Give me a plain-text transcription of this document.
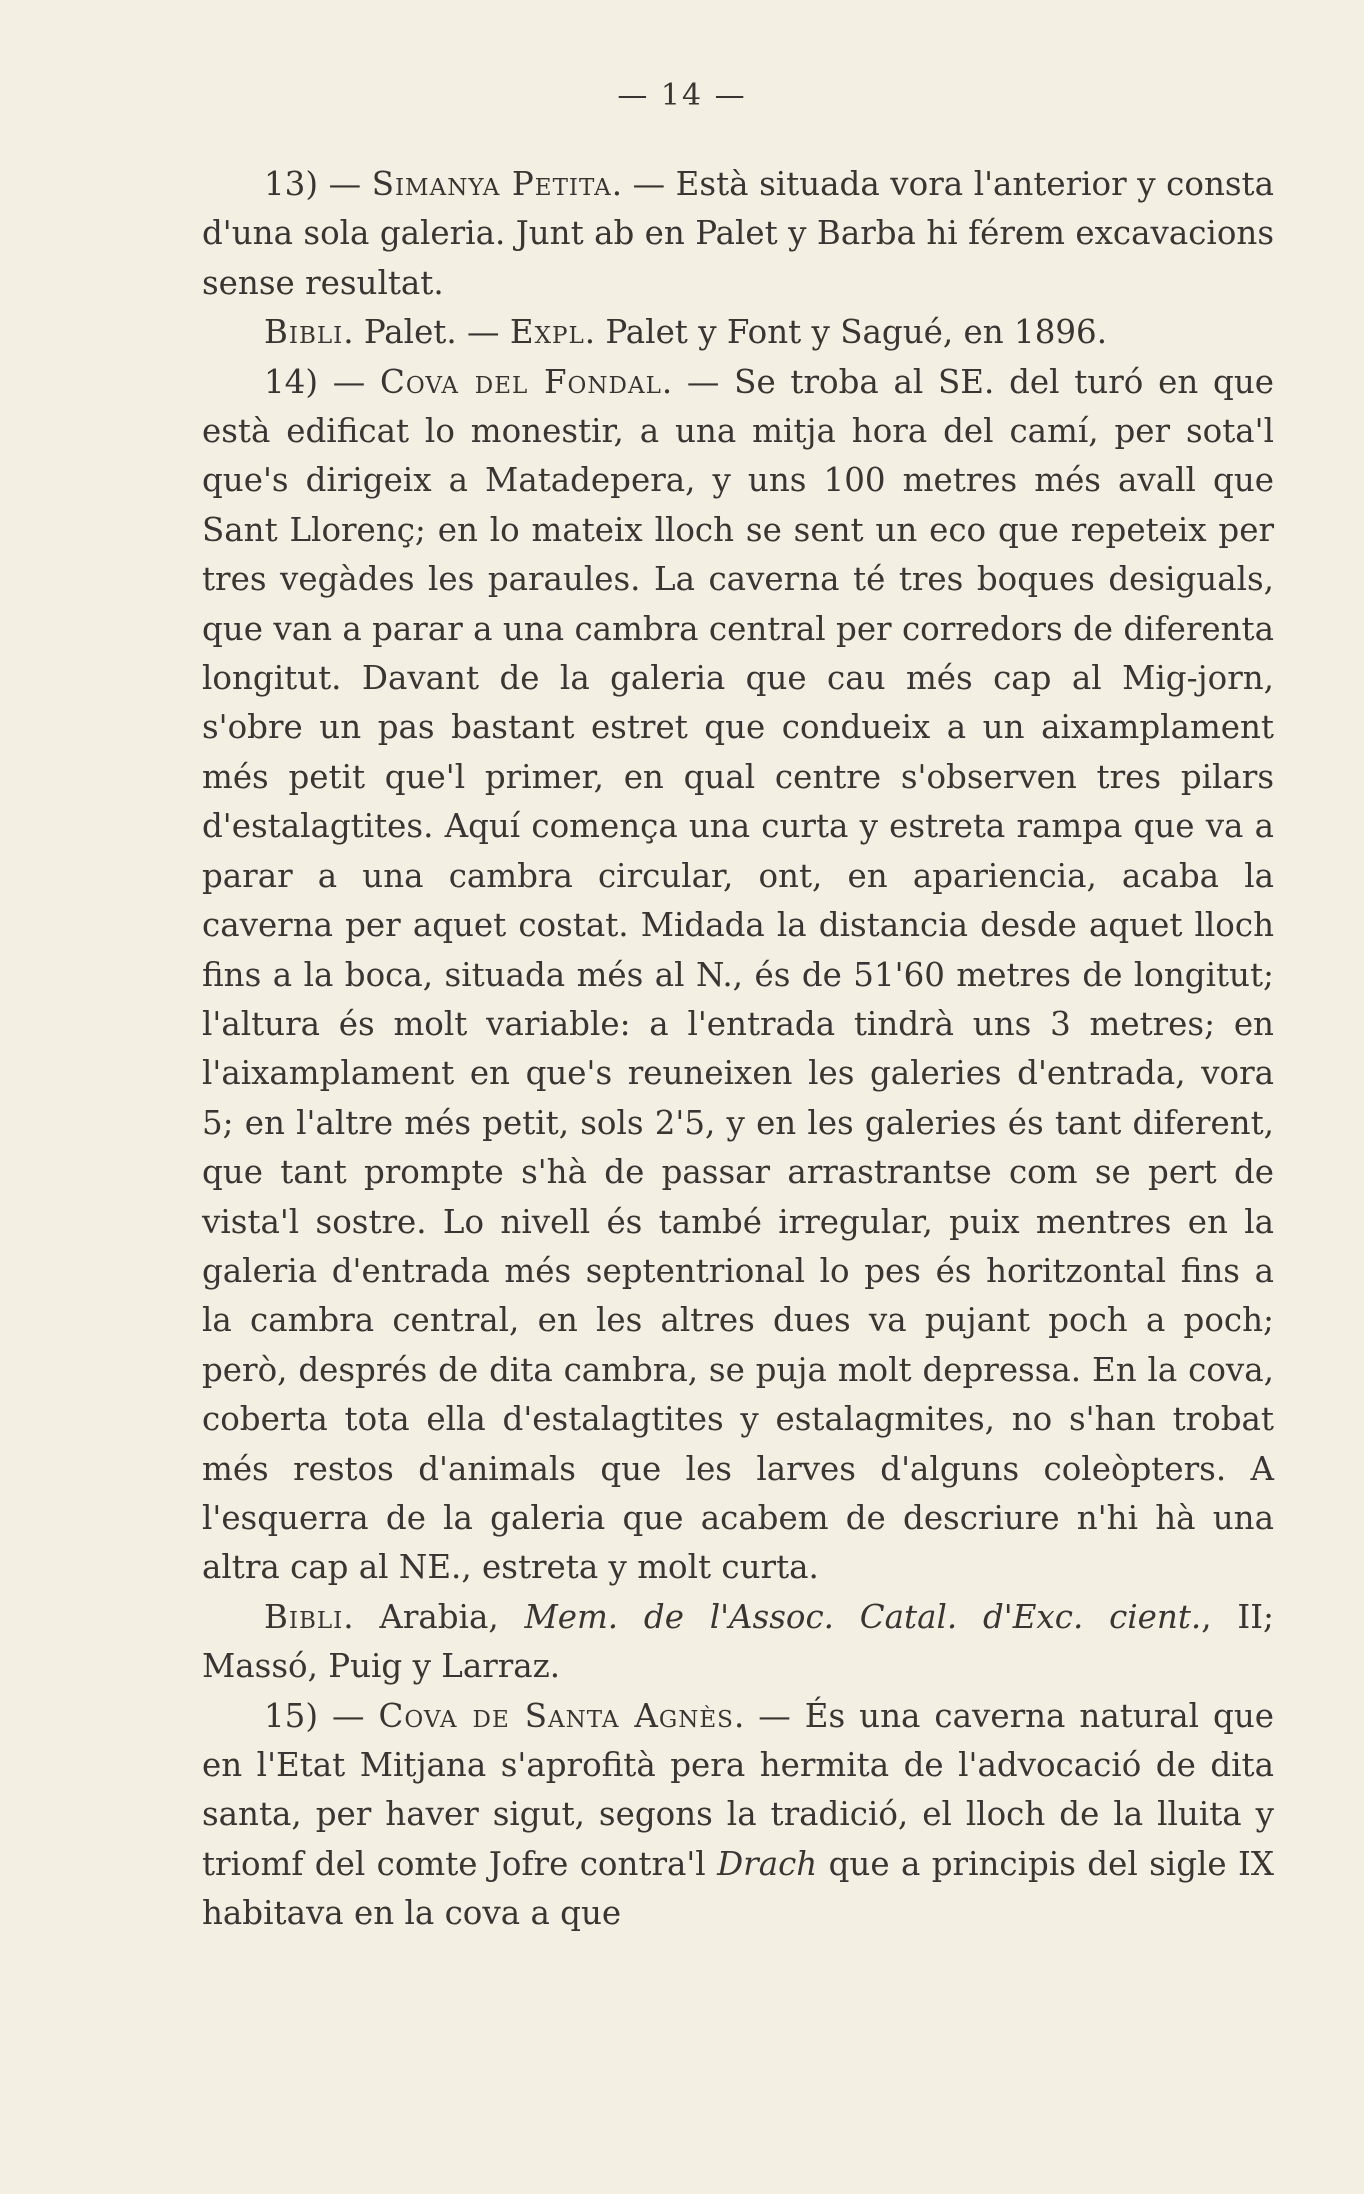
— 14 —

13) — Simanya Petita. — Està situada vora l'anterior y consta d'una sola galeria. Junt ab en Palet y Barba hi férem excavacions sense resultat.

Bibli. Palet. — Expl. Palet y Font y Sagué, en 1896.

14) — Cova del Fondal. — Se troba al SE. del turó en que està edificat lo monestir, a una mitja hora del camí, per sota'l que's dirigeix a Matadepera, y uns 100 metres més avall que Sant Llorenç; en lo mateix lloch se sent un eco que repeteix per tres vegàdes les paraules. La caverna té tres boques desiguals, que van a parar a una cambra central per corredors de diferenta longitut. Davant de la galeria que cau més cap al Mig-jorn, s'obre un pas bastant estret que condueix a un aixamplament més petit que'l primer, en qual centre s'observen tres pilars d'estalagtites. Aquí comença una curta y estreta rampa que va a parar a una cambra circular, ont, en apariencia, acaba la caverna per aquet costat. Midada la distancia desde aquet lloch fins a la boca, situada més al N., és de 51'60 metres de longitut; l'altura és molt variable: a l'entrada tindrà uns 3 metres; en l'aixamplament en que's reuneixen les galeries d'entrada, vora 5; en l'altre més petit, sols 2'5, y en les galeries és tant diferent, que tant prompte s'hà de passar arrastrantse com se pert de vista'l sostre. Lo nivell és també irregular, puix mentres en la galeria d'entrada més septentrional lo pes és horitzontal fins a la cambra central, en les altres dues va pujant poch a poch; però, després de dita cambra, se puja molt depressa. En la cova, coberta tota ella d'estalagtites y estalagmites, no s'han trobat més restos d'animals que les larves d'alguns coleòpters. A l'esquerra de la galeria que acabem de descriure n'hi hà una altra cap al NE., estreta y molt curta.

Bibli. Arabia, Mem. de l'Assoc. Catal. d'Exc. cient., II; Massó, Puig y Larraz.

15) — Cova de Santa Agnès. — És una caverna natural que en l'Etat Mitjana s'aprofità pera hermita de l'advocació de dita santa, per haver sigut, segons la tradició, el lloch de la lluita y triomf del comte Jofre contra'l Drach que a principis del sigle IX habitava en la cova a que
